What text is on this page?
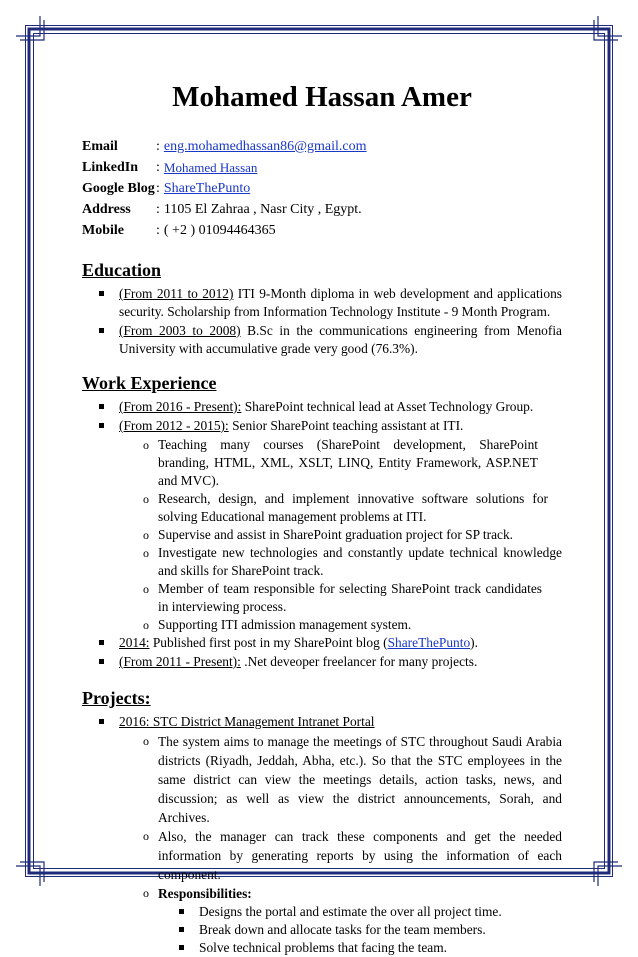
Mohamed Hassan Amer
Email	: eng.mohamedhassan86@gmail.com
LinkedIn	: Mohamed Hassan
Google Blog : ShareThePunto
Address	: 1105 El Zahraa , Nasr City , Egypt.
Mobile	: ( +2 ) 01094464365
Education
(From 2011 to 2012) ITI 9-Month diploma in web development and applications security. Scholarship from Information Technology Institute - 9 Month Program.
(From 2003 to 2008) B.Sc in the communications engineering from Menofia University with accumulative grade very good (76.3%).
Work Experience
(From 2016 - Present): SharePoint technical lead at Asset Technology Group.
(From 2012 - 2015): Senior SharePoint teaching assistant at ITI.
o Teaching many courses (SharePoint development, SharePoint branding, HTML, XML, XSLT, LINQ, Entity Framework, ASP.NET and MVC).
o Research, design, and implement innovative software solutions for solving Educational management problems at ITI.
o Supervise and assist in SharePoint graduation project for SP track.
o Investigate new technologies and constantly update technical knowledge and skills for SharePoint track.
o Member of team responsible for selecting SharePoint track candidates in interviewing process.
o Supporting ITI admission management system.
2014: Published first post in my SharePoint blog (ShareThePunto).
(From 2011 - Present): .Net deveoper freelancer for many projects.
Projects:
2016: STC District Management Intranet Portal
o The system aims to manage the meetings of STC throughout Saudi Arabia districts (Riyadh, Jeddah, Abha, etc.). So that the STC employees in the same district can view the meetings details, action tasks, news, and discussion; as well as view the district announcements, Sorah, and Archives.
o Also, the manager can track these components and get the needed information by generating reports by using the information of each component.
o Responsibilities:
Designs the portal and estimate the over all project time.
Break down and allocate tasks for the team members.
Solve technical problems that facing the team.
